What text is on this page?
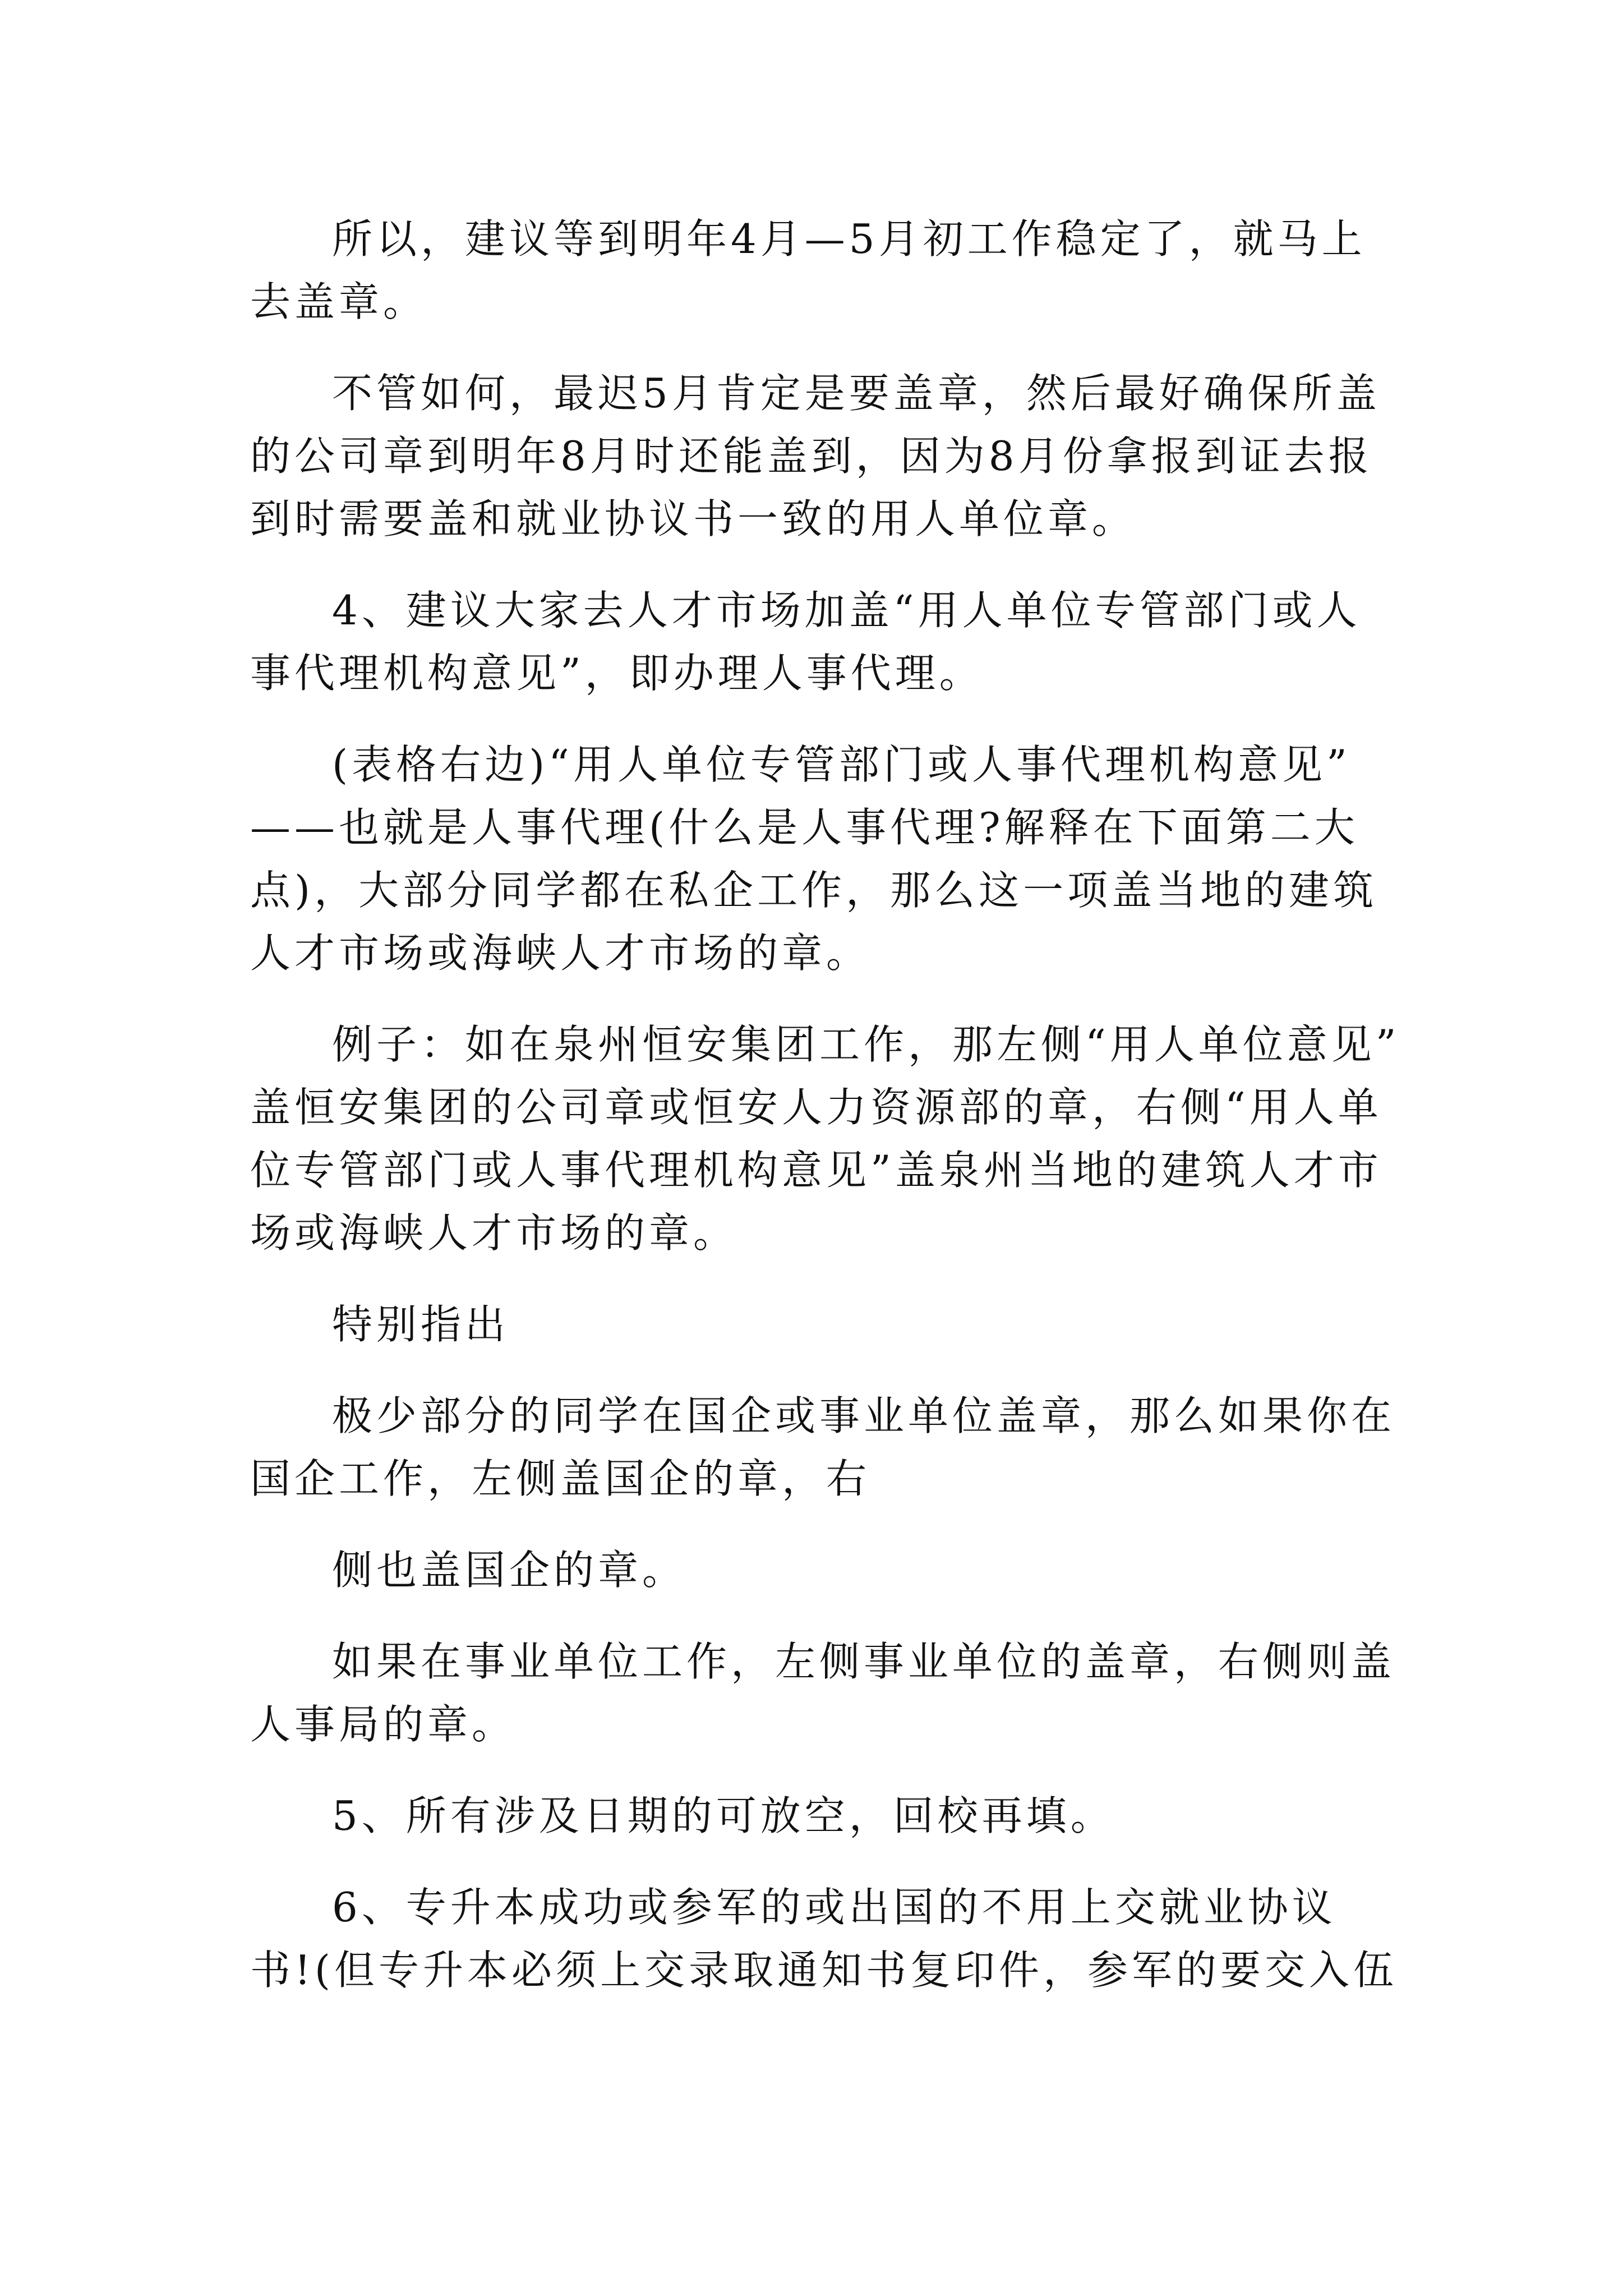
所以，建议等到明年4月—5月初工作稳定了，就马上
去盖章。
不管如何，最迟5月肯定是要盖章，然后最好确保所盖
的公司章到明年8月时还能盖到，因为8月份拿报到证去报
到时需要盖和就业协议书一致的用人单位章。
4、建议大家去人才市场加盖“用人单位专管部门或人
事代理机构意见”，即办理人事代理。
(表格右边)“用人单位专管部门或人事代理机构意见”
——也就是人事代理(什么是人事代理?解释在下面第二大
点)，大部分同学都在私企工作，那么这一项盖当地的建筑
人才市场或海峡人才市场的章。
例子：如在泉州恒安集团工作，那左侧“用人单位意见”
盖恒安集团的公司章或恒安人力资源部的章，右侧“用人单
位专管部门或人事代理机构意见”盖泉州当地的建筑人才市
场或海峡人才市场的章。
特别指出
极少部分的同学在国企或事业单位盖章，那么如果你在
国企工作，左侧盖国企的章，右
侧也盖国企的章。
如果在事业单位工作，左侧事业单位的盖章，右侧则盖
人事局的章。
5、所有涉及日期的可放空，回校再填。
6、专升本成功或参军的或出国的不用上交就业协议
书!(但专升本必须上交录取通知书复印件，参军的要交入伍
